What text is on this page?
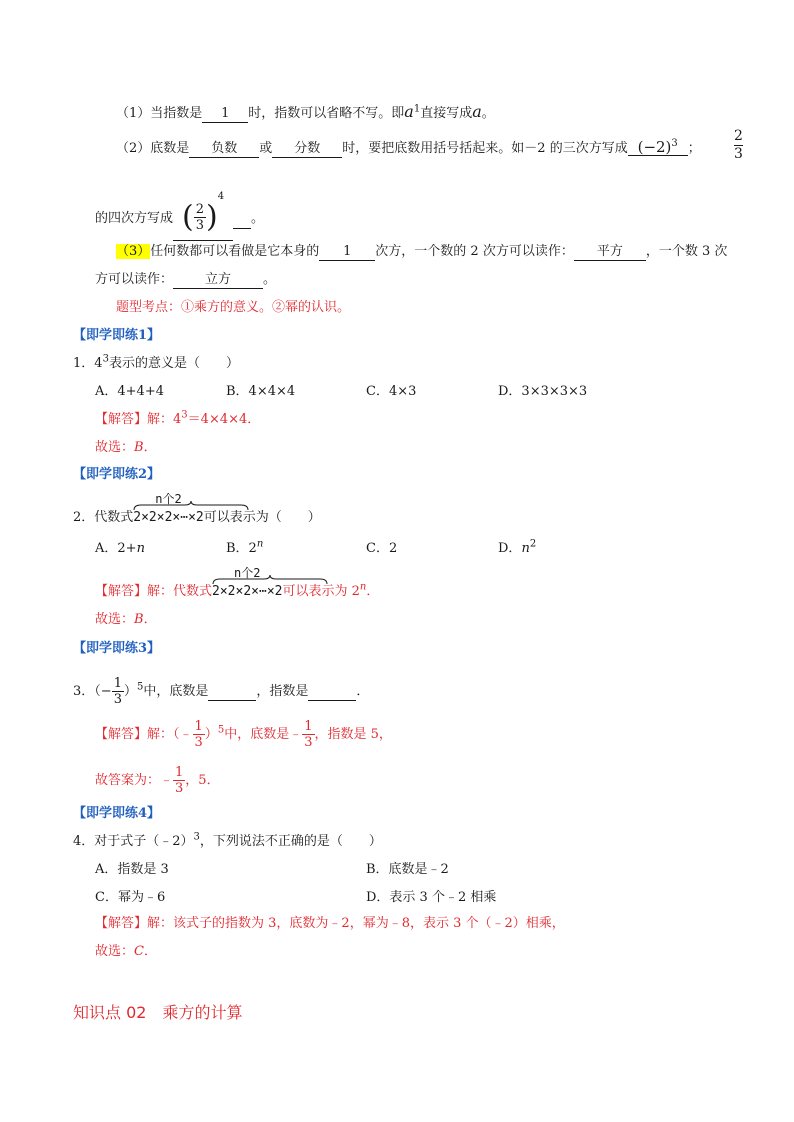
（1）当指数是 1 时，指数可以省略不写。即$a^1$直接写成a。
（2）底数是 负数 或 分数 时，要把底数用括号括起来。如－2 的三次方写成 $(-2)^3$ ；
2
3
的四次方写成 ( $\frac{2}{3} )^4$ 。
（3）任何数都可以看做是它本身的 1 次方，一个数的 2 次方可以读作： 平方 ，一个数 3 次
方可以读作： 立方 。
题型考点：①乘方的意义。②幂的认识。
【即学即练1】
1．$4^3$表示的意义是（　　）
A．4+4+4	B．4×4×4	C．4×3	D．3×3×3×3
【解答】解：$4^3=4\times 4\times 4$．
故选：B．
【即学即练2】
2．代数式
n个2
2×2×2×⋯×2可以表示为（　　）
A．2+n	B．2$^n$	C．2	D．$n^2$
【解答】解：代数式
n个2
2×2×2×⋯×2可以表示为 2$^n$．
故选：B．
【即学即练3】
3．（− $\frac{1}{3} )^5$中，底数是	，指数是	．
【解答】解：（﹣ $\frac{1}{3} )^5$中，底数是﹣ $\frac{1}{3}$ ，指数是 5，
故答案为：﹣ $\frac{1}{3}$ ，5．
【即学即练4】
4．对于式子（﹣2）$^3$，下列说法不正确的是（　　）
A．指数是 3	B．底数是﹣2
C．幂为﹣6	D．表示 3 个﹣2 相乘
【解答】解：该式子的指数为 3，底数为﹣2，幂为﹣8，表示 3 个（﹣2）相乘，
故选：C．
知识点 02　乘方的计算
